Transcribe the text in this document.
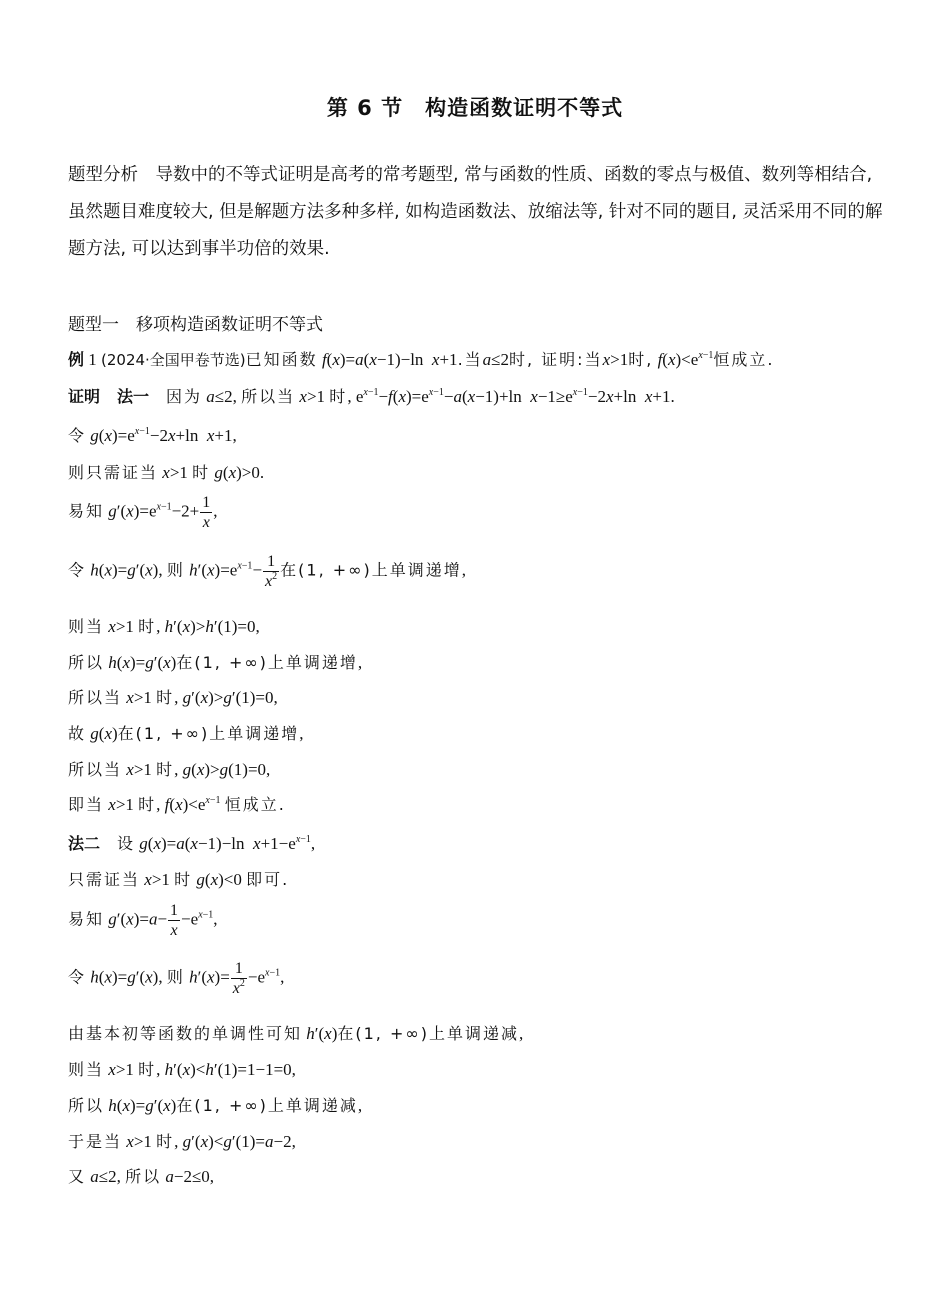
第 6 节　构造函数证明不等式
题型分析　导数中的不等式证明是高考的常考题型, 常与函数的性质、函数的零点与极值、数列等相结合, 虽然题目难度较大, 但是解题方法多种多样, 如构造函数法、放缩法等, 针对不同的题目, 灵活采用不同的解题方法, 可以达到事半功倍的效果.
题型一　移项构造函数证明不等式
例 1 (2024·全国甲卷节选)已知函数 f(x)=a(x−1)−ln  x+1.当a≤2时, 证明:当x>1时, $f(x)<e^{x-1}$恒成立.
证明 法一 因为 a≤2, 所以当 x>1 时, $e^{x-1}-f(x)=e^{x-1}-a(x-1)+\ln$  $x-1\ge e^{x-1}-2x+\ln$  x+1.
令 $g(x)=e^{x-1}-2x+\ln$  x+1,
则只需证当 x>1 时 g(x)>0.
易知 $g'(x)=e^{x-1}-2+ \frac{1}{x}$ ,
令 h(x)=g′(x), 则 $h'(x)=e^{x-1}- \frac{1}{x^2}$ 在(1, +∞)上单调递增,
则当 x>1 时, h′(x)>h′(1)=0,
所以 h(x)=g′(x)在(1, +∞)上单调递增,
所以当 x>1 时, g′(x)>g′(1)=0,
故 g(x)在(1, +∞)上单调递增,
所以当 x>1 时, g(x)>g(1)=0,
即当 x>1 时, $f(x)<e^{x-1}$ 恒成立.
法二 设 g(x)=a(x−1)−ln  $x+1-e^{x-1}$,
只需证当 x>1 时 g(x)<0 即可.
易知 $g'(x)=a- \frac{1}{x} -e^{x-1}$,
令 h(x)=g′(x), 则 $h'(x)= \frac{1}{x^2} -e^{x-1}$,
由基本初等函数的单调性可知 h′(x)在(1, +∞)上单调递减,
则当 x>1 时, h′(x)<h′(1)=1−1=0,
所以 h(x)=g′(x)在(1, +∞)上单调递减,
于是当 x>1 时, g′(x)<g′(1)=a−2,
又 a≤2, 所以 a−2≤0,
